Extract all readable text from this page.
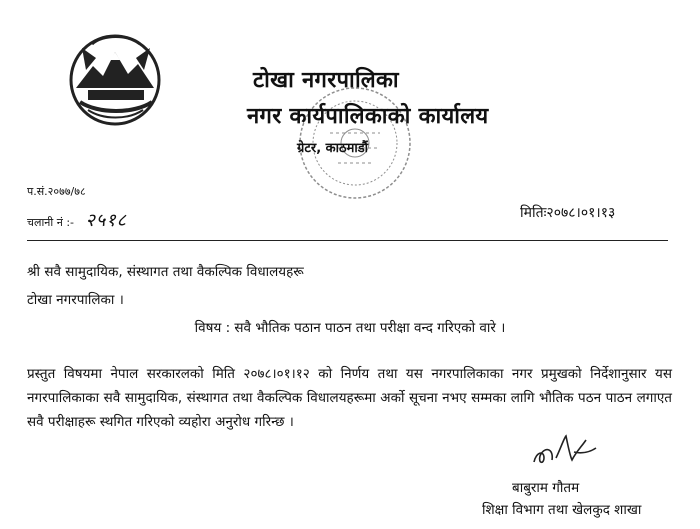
टोखा नगरपालिका
नगर कार्यपालिकाको कार्यालय
ग्रेटर, काठमाडौं
प.सं.२०७७/७८
चलानी नं :- २५१८	मितिः२०७८।०१।१३
श्री सवै सामुदायिक, संस्थागत तथा वैकल्पिक विधालयहरू
टोखा नगरपालिका ।
विषय : सवै भौतिक पठान पाठन तथा परीक्षा वन्द गरिएको वारे ।
प्रस्तुत विषयमा नेपाल सरकारलको मिति २०७८।०१।१२ को निर्णय तथा यस नगरपालिकाका नगर प्रमुखको निर्देशानुसार यस नगरपालिकाका सवै सामुदायिक, संस्थागत तथा वैकल्पिक विधालयहरूमा अर्को सूचना नभए सम्मका लागि भौतिक पठन पाठन लगाएत सवै परीक्षाहरू स्थगित गरिएको व्यहोरा अनुरोध गरिन्छ ।
बाबुराम गौतम
शिक्षा विभाग तथा खेलकुद शाखा
